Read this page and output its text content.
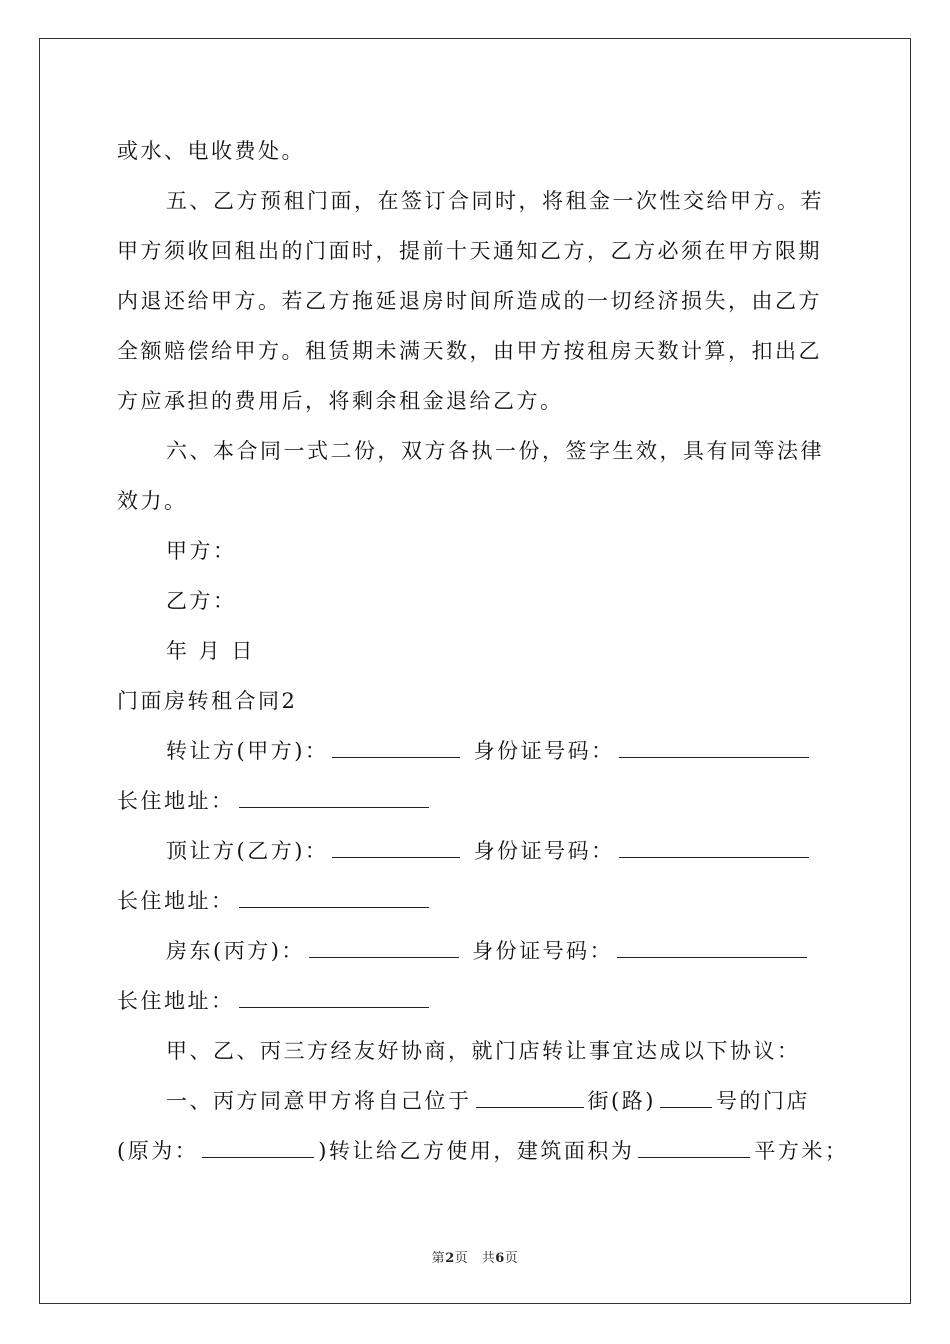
或水、电收费处。
五、乙方预租门面，在签订合同时，将租金一次性交给甲方。若
甲方须收回租出的门面时，提前十天通知乙方，乙方必须在甲方限期
内退还给甲方。若乙方拖延退房时间所造成的一切经济损失，由乙方
全额赔偿给甲方。租赁期未满天数，由甲方按租房天数计算，扣出乙
方应承担的费用后，将剩余租金退给乙方。
六、本合同一式二份，双方各执一份，签字生效，具有同等法律
效力。
甲方：
乙方：
年 月 日
门面房转租合同2
转让方(甲方)：	身份证号码：
长住地址：
顶让方(乙方)：	身份证号码：
长住地址：
房东(丙方)：	身份证号码：
长住地址：
甲、乙、丙三方经友好协商，就门店转让事宜达成以下协议：
一、丙方同意甲方将自己位于	街(路)	号的门店
(原为：	)转让给乙方使用，建筑面积为	平方米；
第2页　共6页
